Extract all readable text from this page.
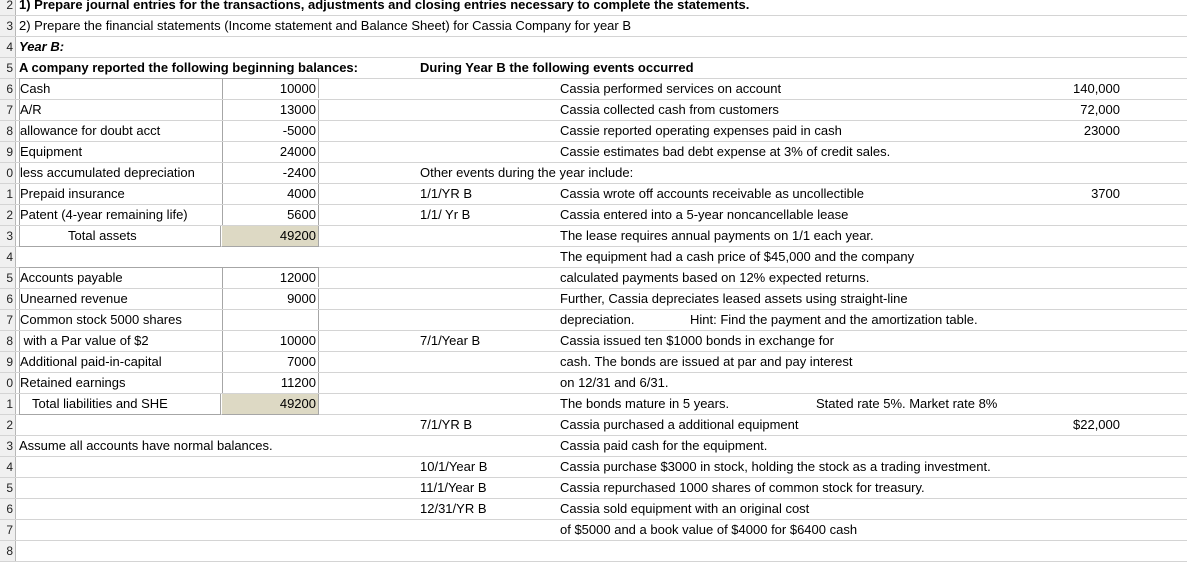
2 1) Prepare journal entries for the transactions, adjustments and closing entries necessary to complete the statements.
3 2) Prepare the financial statements (Income statement and Balance Sheet) for Cassia Company for year B
4 Year B:
5 A company reported the following beginning balances:	During Year B the following events occurred
6 Cash	10000	Cassia performed services on account	140,000
7 A/R	13000	Cassia collected cash from customers	72,000
8 allowance for doubt acct	-5000	Cassie reported operating expenses paid in cash	23000
9 Equipment	24000	Cassie estimates bad debt expense at 3% of credit sales.
0 less accumulated depreciation	-2400	Other events during the year include:
1 Prepaid insurance	4000	1/1/YR B	Cassia wrote off accounts receivable as uncollectible	3700
2 Patent (4-year remaining life)	5600	1/1/ Yr B	Cassia entered into a 5-year noncancellable lease
3	Total assets	49200	The lease requires annual payments on 1/1 each year.
4	The equipment had a cash price of $45,000 and the company
5 Accounts payable	12000	calculated payments based on 12% expected returns.
6 Unearned revenue	9000	Further, Cassia depreciates leased assets using straight-line
7 Common stock 5000 shares	depreciation.	Hint: Find the payment and the amortization table.
8 with a Par value of $2	10000	7/1/Year B	Cassia issued ten $1000 bonds in exchange for
9 Additional paid-in-capital	7000	cash. The bonds are issued at par and pay interest
0 Retained earnings	11200	on 12/31 and 6/31.
1	Total liabilities and SHE	49200	The bonds mature in 5 years.	Stated rate 5%. Market rate 8%
2	7/1/YR B	Cassia purchased a additional equipment	$22,000
3 Assume all accounts have normal balances.	Cassia paid cash for the equipment.
4	10/1/Year B	Cassia purchase $3000 in stock, holding the stock as a trading investment.
5	11/1/Year B	Cassia repurchased 1000 shares of common stock for treasury.
6	12/31/YR B	Cassia sold equipment with an original cost
7	of $5000 and a book value of $4000 for $6400 cash
8
